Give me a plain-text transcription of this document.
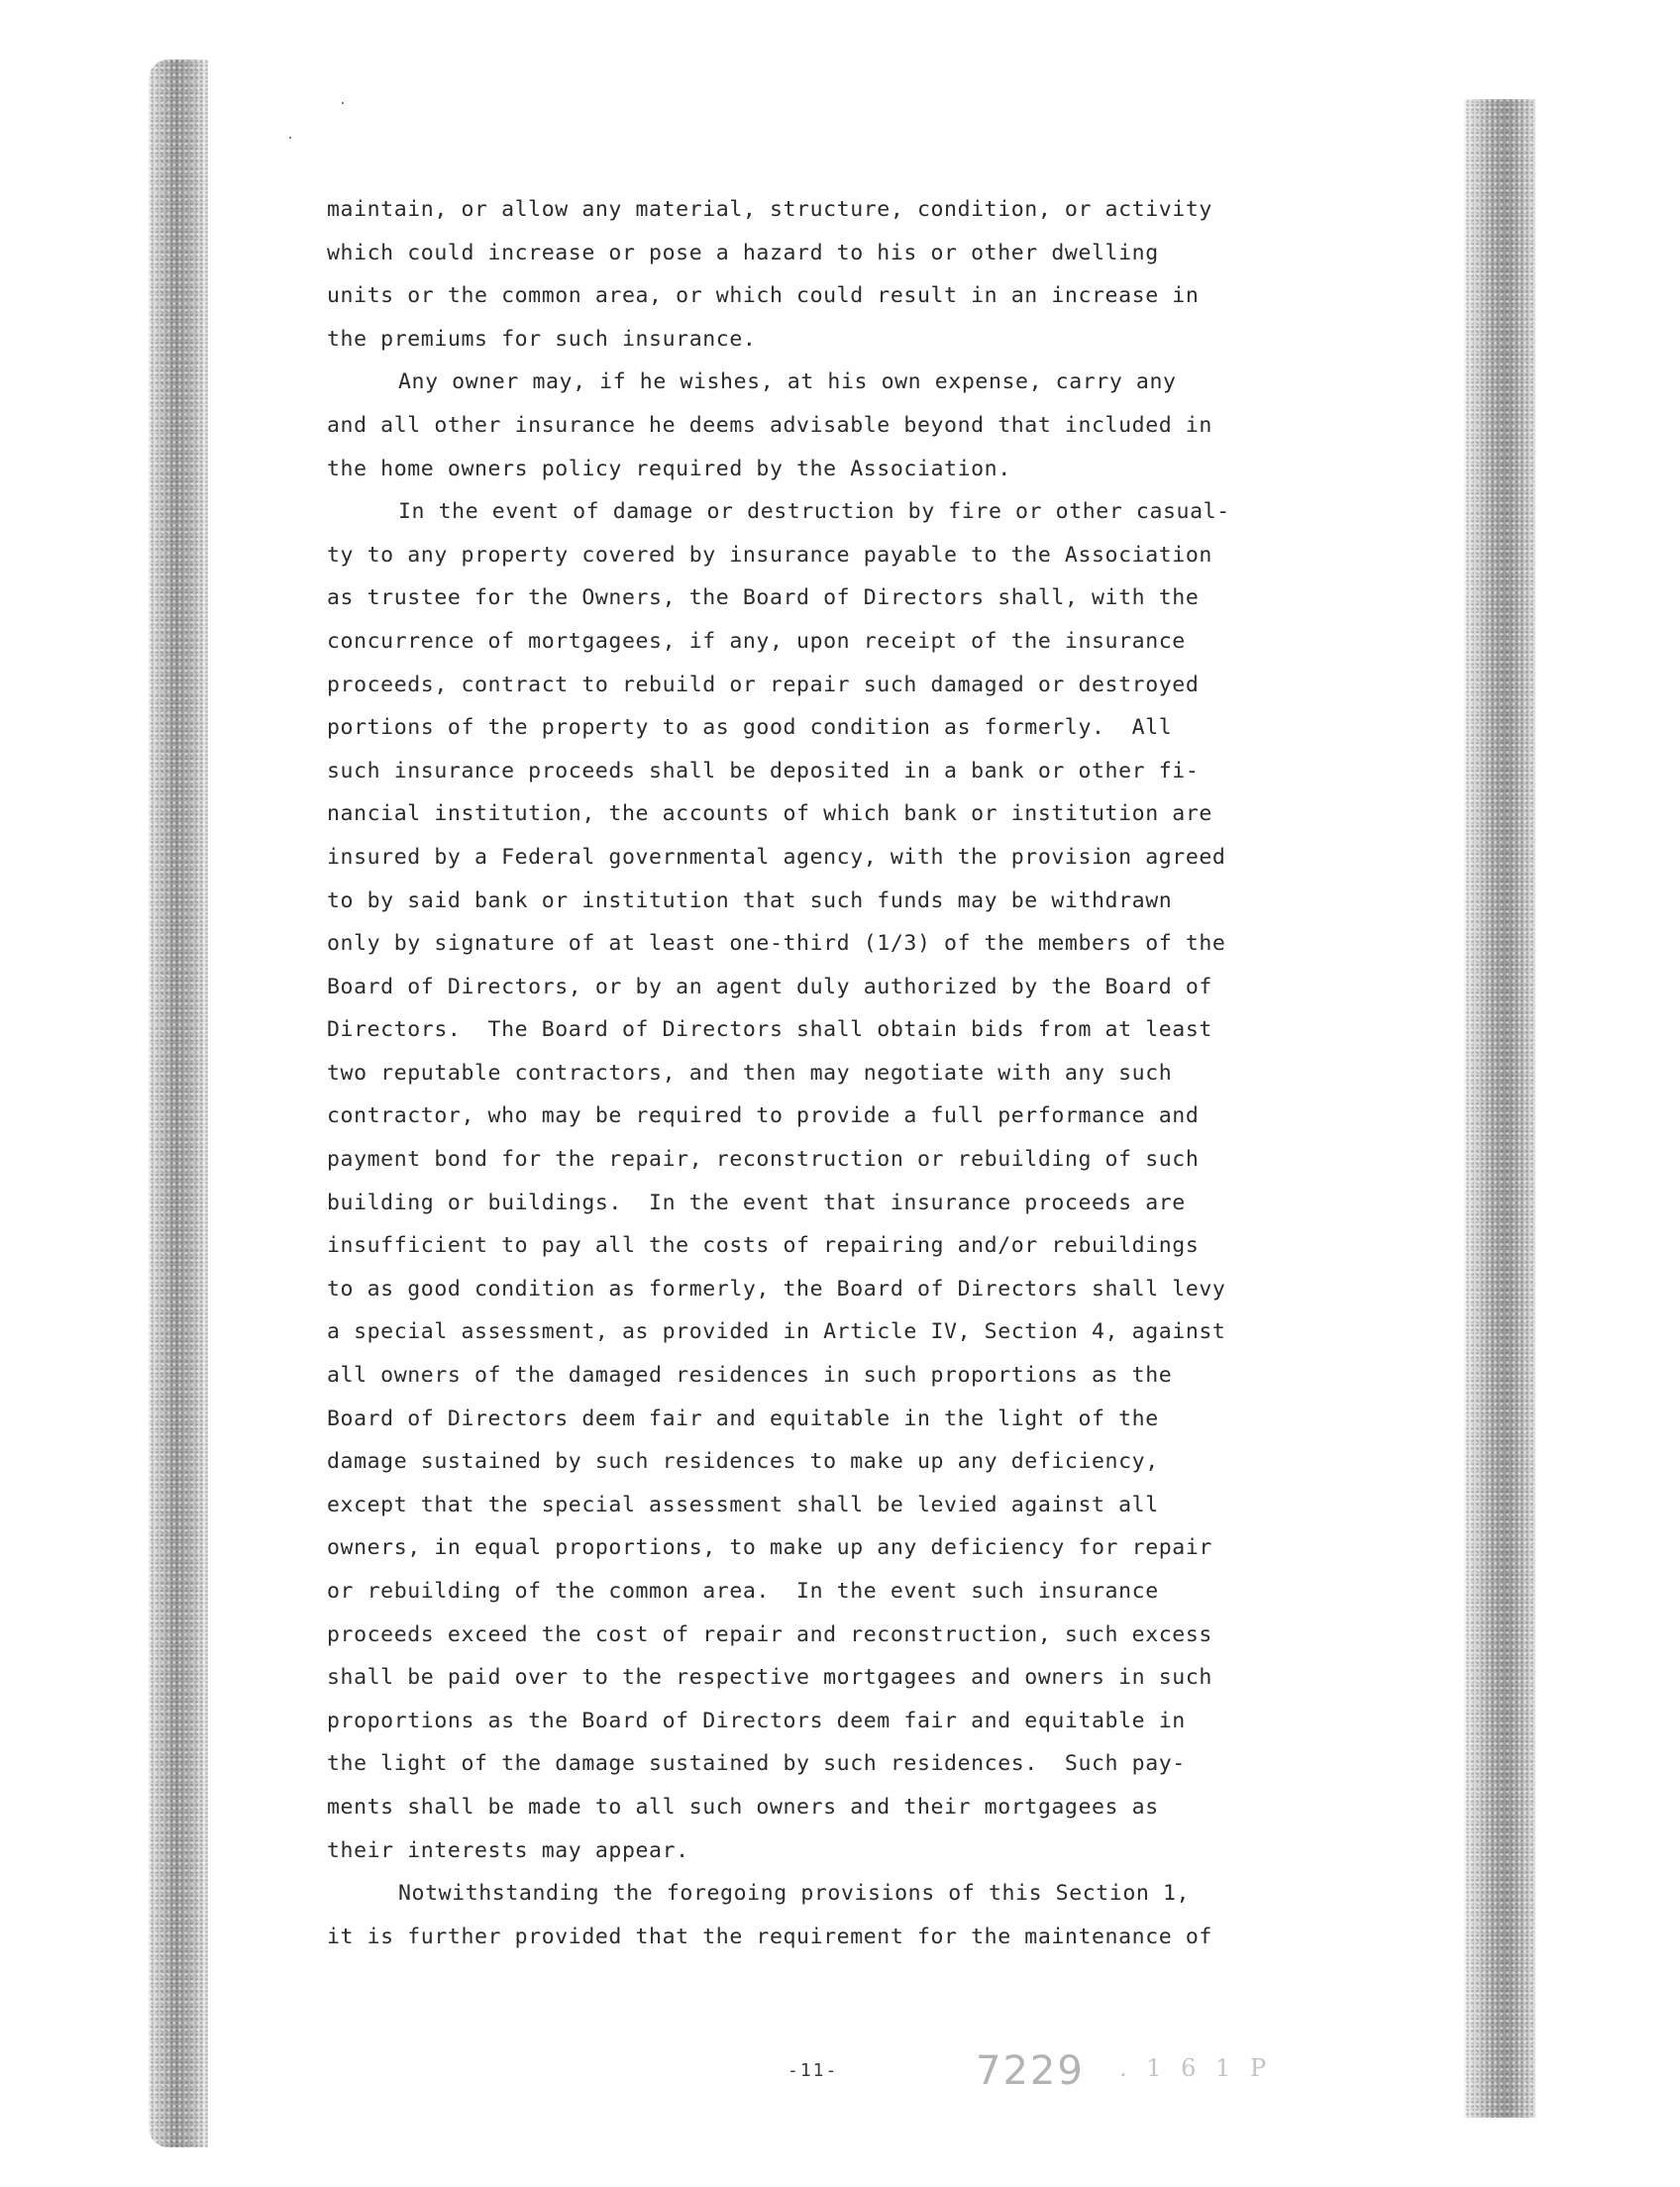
maintain, or allow any material, structure, condition, or activity
which could increase or pose a hazard to his or other dwelling
units or the common area, or which could result in an increase in
the premiums for such insurance.
Any owner may, if he wishes, at his own expense, carry any
and all other insurance he deems advisable beyond that included in
the home owners policy required by the Association.
In the event of damage or destruction by fire or other casual-
ty to any property covered by insurance payable to the Association
as trustee for the Owners, the Board of Directors shall, with the
concurrence of mortgagees, if any, upon receipt of the insurance
proceeds, contract to rebuild or repair such damaged or destroyed
portions of the property to as good condition as formerly.  All
such insurance proceeds shall be deposited in a bank or other fi-
nancial institution, the accounts of which bank or institution are
insured by a Federal governmental agency, with the provision agreed
to by said bank or institution that such funds may be withdrawn
only by signature of at least one-third (1/3) of the members of the
Board of Directors, or by an agent duly authorized by the Board of
Directors.  The Board of Directors shall obtain bids from at least
two reputable contractors, and then may negotiate with any such
contractor, who may be required to provide a full performance and
payment bond for the repair, reconstruction or rebuilding of such
building or buildings.  In the event that insurance proceeds are
insufficient to pay all the costs of repairing and/or rebuildings
to as good condition as formerly, the Board of Directors shall levy
a special assessment, as provided in Article IV, Section 4, against
all owners of the damaged residences in such proportions as the
Board of Directors deem fair and equitable in the light of the
damage sustained by such residences to make up any deficiency,
except that the special assessment shall be levied against all
owners, in equal proportions, to make up any deficiency for repair
or rebuilding of the common area.  In the event such insurance
proceeds exceed the cost of repair and reconstruction, such excess
shall be paid over to the respective mortgagees and owners in such
proportions as the Board of Directors deem fair and equitable in
the light of the damage sustained by such residences.  Such pay-
ments shall be made to all such owners and their mortgagees as
their interests may appear.
Notwithstanding the foregoing provisions of this Section 1,
it is further provided that the requirement for the maintenance of
-11-	7229 . 1 6 1 P
